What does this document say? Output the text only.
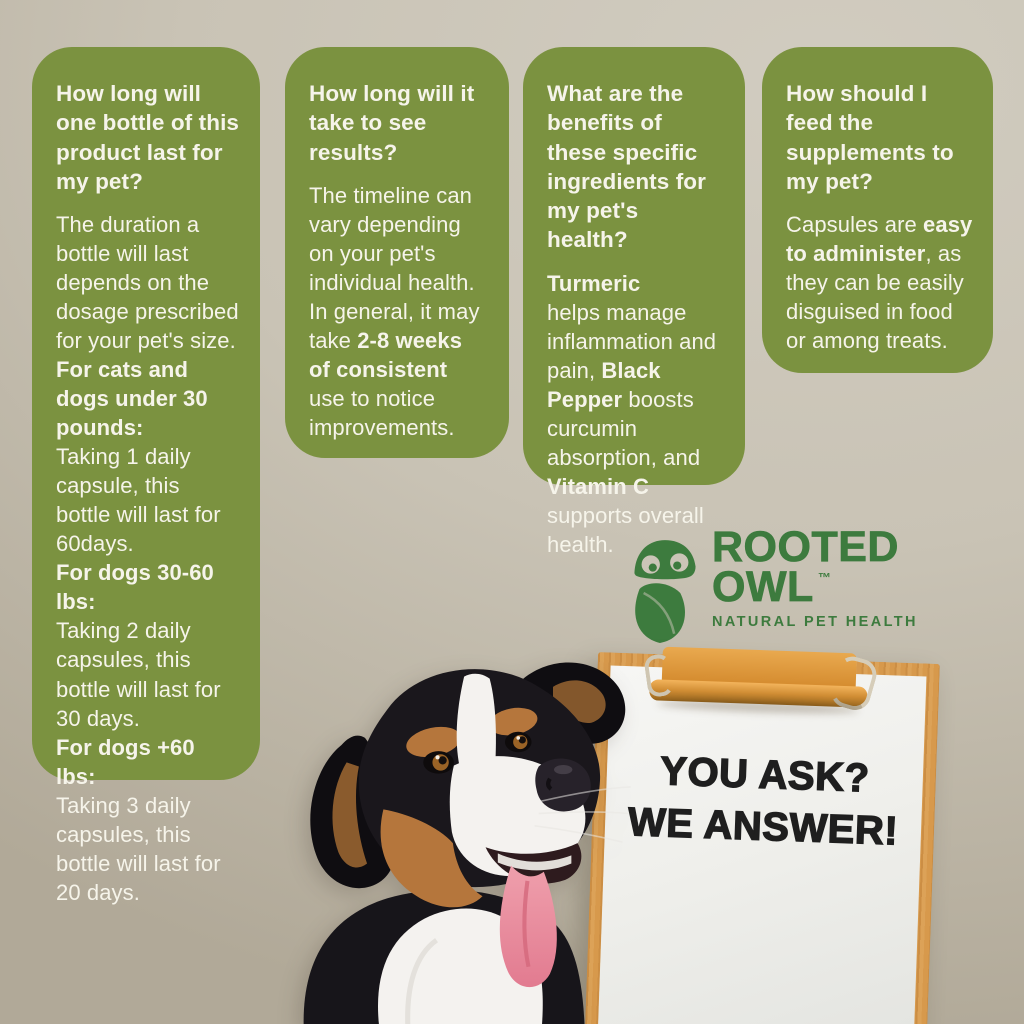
How long will one bottle of this product last for my pet?

The duration a bottle will last depends on the dosage prescribed for your pet's size.

For cats and dogs under 30 pounds:

Taking 1 daily capsule, this bottle will last for 60days.

For dogs 30-60 lbs:

Taking 2 daily capsules, this bottle will last for 30 days.

For dogs +60 lbs:

Taking 3 daily capsules, this bottle will last for 20 days.

How long will it take to see results?

The timeline can vary depending on your pet's individual health. In general, it may take 2-8 weeks of consistent use to notice improvements.

What are the benefits of these specific ingredients for my pet's health?

Turmeric

helps manage inflammation and pain, Black Pepper boosts curcumin absorption, and Vitamin C supports overall health.

How should I feed the supplements to my pet?

Capsules are easy to administer, as they can be easily disguised in food or among treats.

ROOTED
OWL ™
NATURAL PET HEALTH
YOU ASK?
WE ANSWER!
